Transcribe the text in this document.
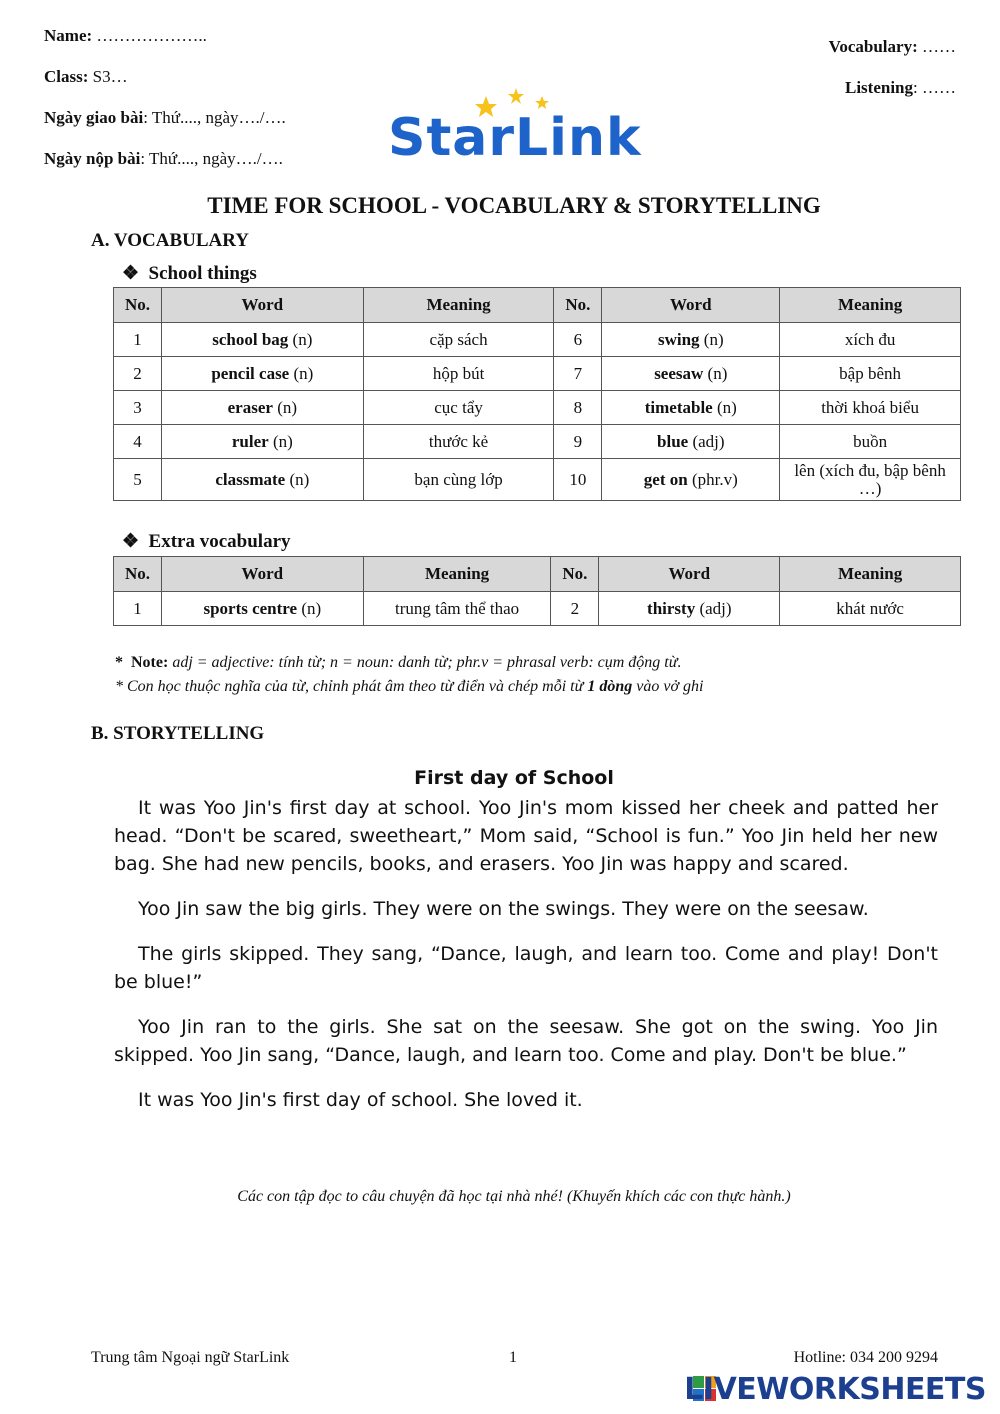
Name: ………………..
Class: S3…
Ngày giao bài: Thứ...., ngày…./….
Ngày nộp bài: Thứ...., ngày…./….
Vocabulary: ……
Listening: ……
StarLink
TIME FOR SCHOOL - VOCABULARY & STORYTELLING
A. VOCABULARY
❖ School things
No.	Word	Meaning	No.	Word	Meaning
1	school bag (n)	cặp sách	6	swing (n)	xích đu
2	pencil case (n)	hộp bút	7	seesaw (n)	bập bênh
3	eraser (n)	cục tẩy	8	timetable (n)	thời khoá biểu
4	ruler (n)	thước kẻ	9	blue (adj)	buồn
5	classmate (n)	bạn cùng lớp	10	get on (phr.v)	lên (xích đu, bập bênh …)
❖ Extra vocabulary
No.	Word	Meaning	No.	Word	Meaning
1	sports centre (n)	trung tâm thể thao	2	thirsty (adj)	khát nước
* Note: adj = adjective: tính từ; n = noun: danh từ; phr.v = phrasal verb: cụm động từ.
* Con học thuộc nghĩa của từ, chỉnh phát âm theo từ điển và chép mỗi từ 1 dòng vào vở ghi
B. STORYTELLING
First day of School

It was Yoo Jin's first day at school. Yoo Jin's mom kissed her cheek and patted her head. “Don't be scared, sweetheart,” Mom said, “School is fun.” Yoo Jin held her new bag. She had new pencils, books, and erasers. Yoo Jin was happy and scared.

Yoo Jin saw the big girls. They were on the swings. They were on the seesaw.

The girls skipped. They sang, “Dance, laugh, and learn too. Come and play! Don't be blue!”

Yoo Jin ran to the girls. She sat on the seesaw. She got on the swing. Yoo Jin skipped. Yoo Jin sang, “Dance, laugh, and learn too. Come and play. Don't be blue.”

It was Yoo Jin's first day of school. She loved it.

Các con tập đọc to câu chuyện đã học tại nhà nhé! (Khuyến khích các con thực hành.)
Trung tâm Ngoại ngữ StarLink	1	Hotline: 034 200 9294
LIVEWORKSHEETS
